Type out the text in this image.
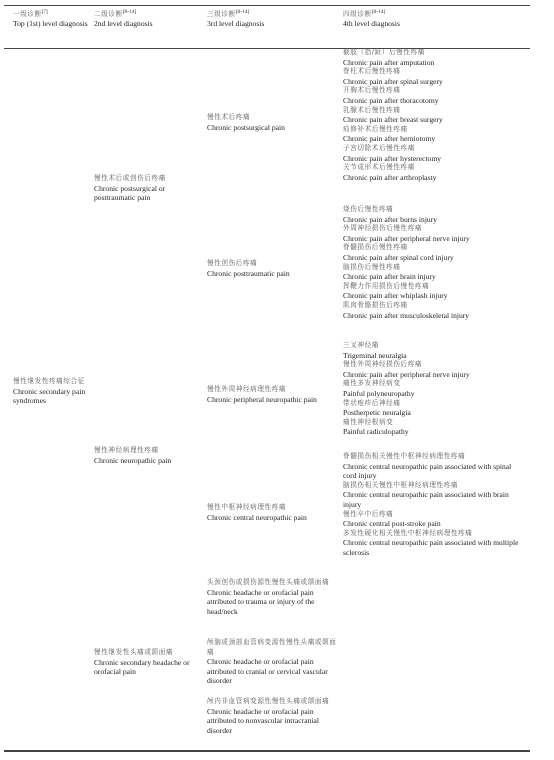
一级诊断[7]
Top (1st) level diagnosis
二级诊断[8–14]
2nd level diagnosis
三级诊断[8–14]
3rd level diagnosis
四级诊断[8–14]
4th level diagnosis
慢性继发性疼痛综合征
Chronic secondary pain syndromes
慢性术后或创伤后疼痛
Chronic postsurgical or posttraumatic pain
慢性神经病理性疼痛
Chronic neuropathic pain
慢性继发性头痛或颌面痛
Chronic secondary headache or orofacial pain
慢性术后疼痛
Chronic postsurgical pain
慢性创伤后疼痛
Chronic posttraumatic pain
慢性外周神经病理性疼痛
Chronic peripheral neuropathic pain
慢性中枢神经病理性疼痛
Chronic central neuropathic pain
头颈创伤或损伤源性慢性头痛或颌面痛
Chronic headache or orofacial pain attributed to trauma or injury of the head/neck
颅脑或颈部血管病变源性慢性头痛或颌面痛
Chronic headache or orofacial pain attributed to cranial or cervical vascular disorder
颅内非血管病变源性慢性头痛或颌面痛
Chronic headache or orofacial pain attributed to nonvascular intracranial disorder
截肢（指/趾）后慢性疼痛
Chronic pain after amputation
脊柱术后慢性疼痛
Chronic pain after spinal surgery
开胸术后慢性疼痛
Chronic pain after thoracotomy
乳腺术后慢性疼痛
Chronic pain after breast surgery
疝修补术后慢性疼痛
Chronic pain after herniotomy
子宫切除术后慢性疼痛
Chronic pain after hysterectomy
关节成形术后慢性疼痛
Chronic pain after arthroplasty
烧伤后慢性疼痛
Chronic pain after burns injury
外周神经损伤后慢性疼痛
Chronic pain after peripheral nerve injury
脊髓损伤后慢性疼痛
Chronic pain after spinal cord injury
脑损伤后慢性疼痛
Chronic pain after brain injury
挥鞭力作用损伤后慢性疼痛
Chronic pain after whiplash injury
肌肉骨骼损伤后疼痛
Chronic pain after musculoskeletal injury
三叉神经痛
Trigeminal neuralgia
慢性外周神经损伤后疼痛
Chronic pain after peripheral nerve injury
痛性多发神经病变
Painful polyneuropathy
带状疱疹后神经痛
Postherpetic neuralgia
痛性神经根病变
Painful radiculopathy
脊髓损伤相关慢性中枢神经病理性疼痛
Chronic central neuropathic pain associated with spinal cord injury
脑损伤相关慢性中枢神经病理性疼痛
Chronic central neuropathic pain associated with brain injury
慢性卒中后疼痛
Chronic central post-stroke pain
多发性硬化相关慢性中枢神经病理性疼痛
Chronic central neuropathic pain associated with multiple sclerosis
